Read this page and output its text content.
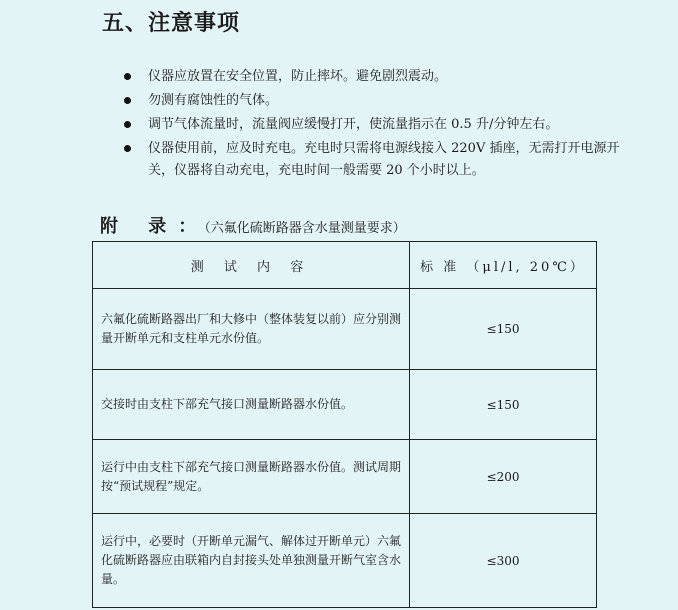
五、注意事项
仪器应放置在安全位置，防止摔坏。避免剧烈震动。
勿测有腐蚀性的气体。
调节气体流量时，流量阀应缓慢打开，使流量指示在 0.5 升/分钟左右。
仪器使用前，应及时充电。充电时只需将电源线接入 220V 插座，无需打开电源开关，仪器将自动充电，充电时间一般需要 20 个小时以上。
附 录： （六氟化硫断路器含水量测量要求）
测 试 内 容	标 准 （μl/l, 20℃）
六氟化硫断路器出厂和大修中（整体装复以前）应分别测量开断单元和支柱单元水份值。	≤150
交接时由支柱下部充气接口测量断路器水份值。	≤150
运行中由支柱下部充气接口测量断路器水份值。测试周期按“预试规程”规定。	≤200
运行中，必要时（开断单元漏气、解体过开断单元）六氟化硫断路器应由联箱内自封接头处单独测量开断气室含水量。	≤300
